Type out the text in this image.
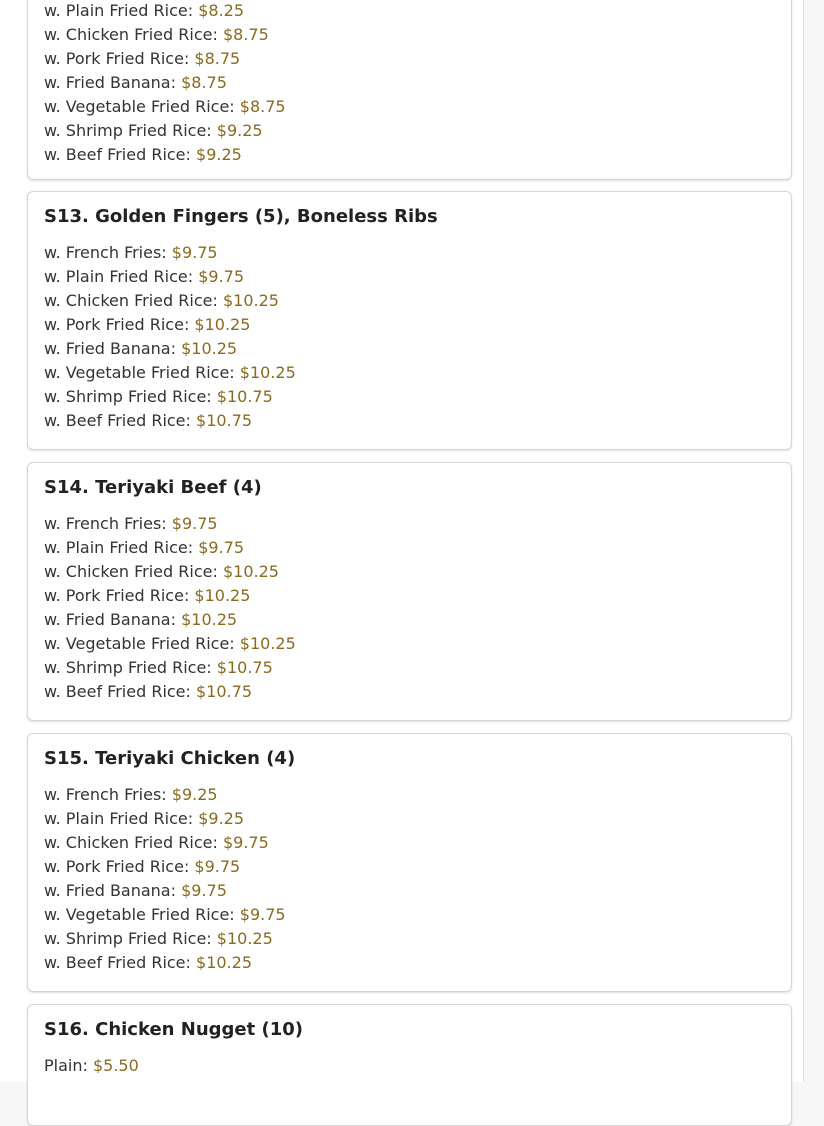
w. Plain Fried Rice: $8.25
w. Chicken Fried Rice: $8.75
w. Pork Fried Rice: $8.75
w. Fried Banana: $8.75
w. Vegetable Fried Rice: $8.75
w. Shrimp Fried Rice: $9.25
w. Beef Fried Rice: $9.25
S13. Golden Fingers (5), Boneless Ribs
w. French Fries: $9.75
w. Plain Fried Rice: $9.75
w. Chicken Fried Rice: $10.25
w. Pork Fried Rice: $10.25
w. Fried Banana: $10.25
w. Vegetable Fried Rice: $10.25
w. Shrimp Fried Rice: $10.75
w. Beef Fried Rice: $10.75
S14. Teriyaki Beef (4)
w. French Fries: $9.75
w. Plain Fried Rice: $9.75
w. Chicken Fried Rice: $10.25
w. Pork Fried Rice: $10.25
w. Fried Banana: $10.25
w. Vegetable Fried Rice: $10.25
w. Shrimp Fried Rice: $10.75
w. Beef Fried Rice: $10.75
S15. Teriyaki Chicken (4)
w. French Fries: $9.25
w. Plain Fried Rice: $9.25
w. Chicken Fried Rice: $9.75
w. Pork Fried Rice: $9.75
w. Fried Banana: $9.75
w. Vegetable Fried Rice: $9.75
w. Shrimp Fried Rice: $10.25
w. Beef Fried Rice: $10.25
S16. Chicken Nugget (10)
Plain: $5.50
